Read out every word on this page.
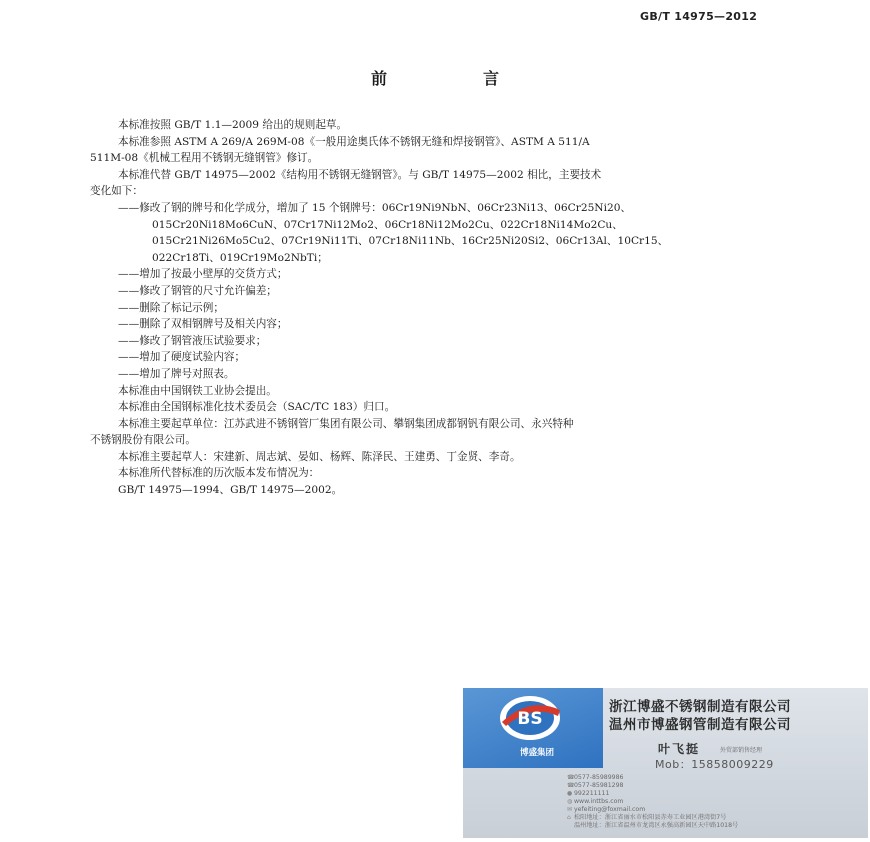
GB/T 14975—2012
前　言
本标准按照 GB/T 1.1—2009 给出的规则起草。
本标准参照 ASTM A 269/A 269M-08《一般用途奥氏体不锈钢无缝和焊接钢管》、ASTM A 511/A
511M-08《机械工程用不锈钢无缝钢管》修订。
本标准代替 GB/T 14975—2002《结构用不锈钢无缝钢管》。与 GB/T 14975—2002 相比，主要技术
变化如下：
——修改了钢的牌号和化学成分，增加了 15 个钢牌号：06Cr19Ni9NbN、06Cr23Ni13、06Cr25Ni20、
015Cr20Ni18Mo6CuN、07Cr17Ni12Mo2、06Cr18Ni12Mo2Cu、022Cr18Ni14Mo2Cu、
015Cr21Ni26Mo5Cu2、07Cr19Ni11Ti、07Cr18Ni11Nb、16Cr25Ni20Si2、06Cr13Al、10Cr15、
022Cr18Ti、019Cr19Mo2NbTi；
——增加了按最小壁厚的交货方式；
——修改了钢管的尺寸允许偏差；
——删除了标记示例；
——删除了双相钢牌号及相关内容；
——修改了钢管液压试验要求；
——增加了硬度试验内容；
——增加了牌号对照表。
本标准由中国钢铁工业协会提出。
本标准由全国钢标准化技术委员会（SAC/TC 183）归口。
本标准主要起草单位：江苏武进不锈钢管厂集团有限公司、攀钢集团成都钢钒有限公司、永兴特种
不锈钢股份有限公司。
本标准主要起草人：宋建新、周志斌、晏如、杨辉、陈泽民、王建勇、丁金贤、李奇。
本标准所代替标准的历次版本发布情况为：
GB/T 14975—1994、GB/T 14975—2002。
BS
博盛集团
浙江博盛不锈钢制造有限公司
温州市博盛钢管制造有限公司
叶飞挺	外贸部销售经理
Mob：15858009229
☎0577-85989986
☎0577-85981298
● 992211111
◍ www.inttbs.com
✉ yefeiting@foxmail.com
⌂ 松阳地址：浙江省丽水市松阳县赤寿工业园区港湾街7号
温州地址：浙江省温州市龙湾区永强高新园区天中路1018号
